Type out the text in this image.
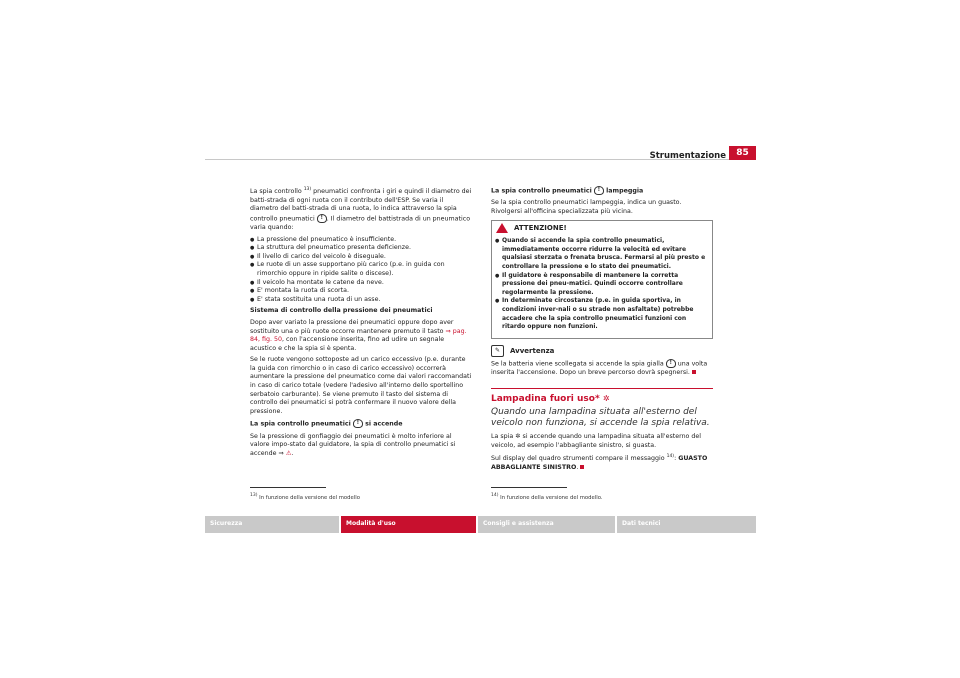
Strumentazione	85

La spia controllo $^{13)}$ pneumatici confronta i giri e quindi il diametro dei batti-strada di ogni ruota con il contributo dell'ESP. Se varia il diametro del batti-strada di una ruota, lo indica attraverso la spia controllo pneumatici ! . Il diametro del battistrada di un pneumatico varia quando:

● La pressione del pneumatico è insufficiente.
● La struttura del pneumatico presenta deficienze.
● Il livello di carico del veicolo è diseguale.
● Le ruote di un asse supportano più carico (p.e. in guida con rimorchio oppure in ripide salite o discese).
● Il veicolo ha montate le catene da neve.
● E' montata la ruota di scorta.
● E' stata sostituita una ruota di un asse.

Sistema di controllo della pressione dei pneumatici

Dopo aver variato la pressione dei pneumatici oppure dopo aver sostituito una o più ruote occorre mantenere premuto il tasto ⇒ pag. 84, fig. 50, con l'accensione inserita, fino ad udire un segnale acustico e che la spia si è spenta.

Se le ruote vengono sottoposte ad un carico eccessivo (p.e. durante la guida con rimorchio o in caso di carico eccessivo) occorrerà aumentare la pressione del pneumatico come dai valori raccomandati in caso di carico totale (vedere l'adesivo all'interno dello sportellino serbatoio carburante). Se viene premuto il tasto del sistema di controllo dei pneumatici si potrà confermare il nuovo valore della pressione.

La spia controllo pneumatici ! si accende

Se la pressione di gonfiaggio dei pneumatici è molto inferiore al valore impo-stato dal guidatore, la spia di controllo pneumatici si accende ⇒ ⚠.

La spia controllo pneumatici ! lampeggia

Se la spia controllo pneumatici lampeggia, indica un guasto. Rivolgersi all'officina specializzata più vicina.

ATTENZIONE!
● Quando si accende la spia controllo pneumatici, immediatamente occorre ridurre la velocità ed evitare qualsiasi sterzata o frenata brusca. Fermarsi al più presto e controllare la pressione e lo stato dei pneumatici.
● Il guidatore è responsabile di mantenere la corretta pressione dei pneu-matici. Quindi occorre controllare regolarmente la pressione.
● In determinate circostanze (p.e. in guida sportiva, in condizioni inver-nali o su strade non asfaltate) potrebbe accadere che la spia controllo pneumatici funzioni con ritardo oppure non funzioni.
✎	Avvertenza

Se la batteria viene scollegata si accende la spia gialla ! una volta inserita l'accensione. Dopo un breve percorso dovrà spegnersi.

Lampadina fuori uso* ✲

Quando una lampadina situata all'esterno del veicolo non funziona, si accende la spia relativa.

La spia ✲ si accende quando una lampadina situata all'esterno del veicolo, ad esempio l'abbagliante sinistro, si guasta.

Sul display del quadro strumenti compare il messaggio $^{14)}$: GUASTO ABBAGLIANTE SINISTRO.

$^{13)}$ In funzione della versione del modello	$^{14)}$ In funzione della versione del modello.
Sicurezza	Modalità d'uso	Consigli e assistenza	Dati tecnici
